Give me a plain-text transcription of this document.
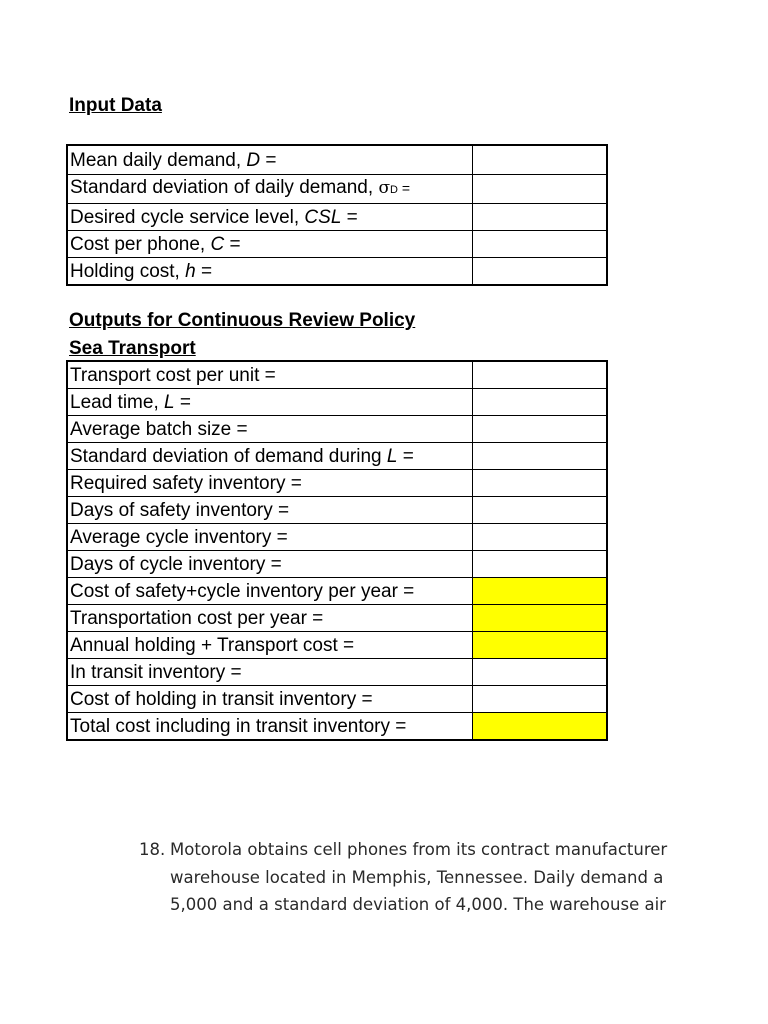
Input Data
Mean daily demand, D =	
Standard deviation of daily demand, σD =	
Desired cycle service level, CSL =	
Cost per phone, C =	
Holding cost, h =	
Outputs for Continuous Review Policy
Sea Transport
Transport cost per unit =	
Lead time, L =	
Average batch size =	
Standard deviation of demand during L =	
Required safety inventory =	
Days of safety inventory =	
Average cycle inventory =	
Days of cycle inventory =	
Cost of safety+cycle inventory per year =	
Transportation cost per year =	
Annual holding + Transport cost =	
In transit inventory =	
Cost of holding in transit inventory =	
Total cost including in transit inventory =	
18. Motorola obtains cell phones from its contract manufacturer
warehouse located in Memphis, Tennessee. Daily demand a
5,000 and a standard deviation of 4,000. The warehouse air
